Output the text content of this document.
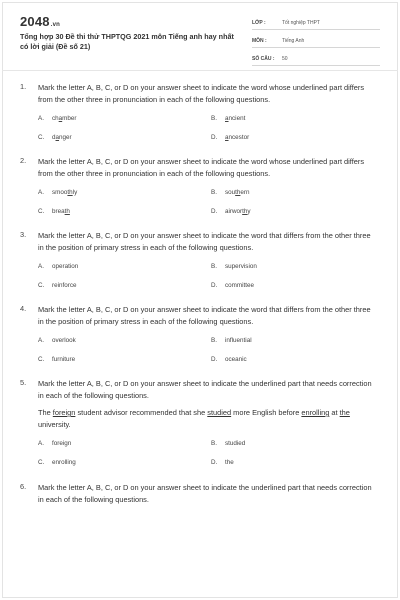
2048.vn
Tổng hợp 30 Đề thi thử THPTQG 2021 môn Tiếng anh hay nhất có lời giải (Đề số 21)
LỚP :	Tốt nghiệp THPT
MÔN :	Tiếng Anh
SỐ CÂU :	50
1. Mark the letter A, B, C, or D on your answer sheet to indicate the word whose underlined part differs from the other three in pronunciation in each of the following questions.
A.	chamber	B.	ancient
C.	danger	D.	ancestor
2. Mark the letter A, B, C, or D on your answer sheet to indicate the word whose underlined part differs from the other three in pronunciation in each of the following questions.
A.	smoothly	B.	southern
C.	breath	D.	airworthy
3. Mark the letter A, B, C, or D on your answer sheet to indicate the word that differs from the other three in the position of primary stress in each of the following questions.
A.	operation	B.	supervision
C.	reinforce	D.	committee
4. Mark the letter A, B, C, or D on your answer sheet to indicate the word that differs from the other three in the position of primary stress in each of the following questions.
A.	overlook	B.	influential
C.	furniture	D.	oceanic
5. Mark the letter A, B, C, or D on your answer sheet to indicate the underlined part that needs correction in each of the following questions.
The foreign student advisor recommended that she studied more English before enrolling at the university.
A.	foreign	B.	studied
C.	enrolling	D.	the
6. Mark the letter A, B, C, or D on your answer sheet to indicate the underlined part that needs correction in each of the following questions.
